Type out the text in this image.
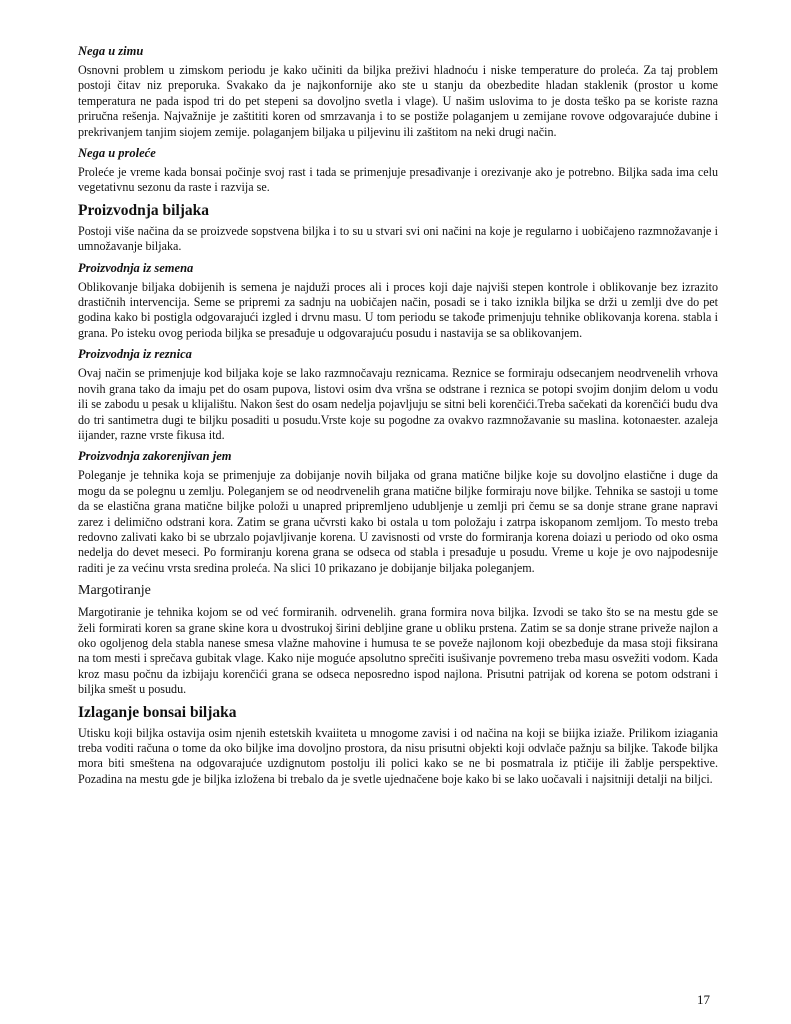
Nega u zimu

Osnovni problem u zimskom periodu je kako učiniti da biljka preživi hladnoću i niske temperature do proleća. Za taj problem postoji čitav niz preporuka. Svakako da je najkonfornije ako ste u stanju da obezbedite hladan staklenik (prostor u kome temperatura ne pada ispod tri do pet stepeni sa dovoljno svetla i vlage). U našim uslovima to je dosta teško pa se koriste razna priručna rešenja. Najvažnije je zaštititi koren od smrzavanja i to se postiže polaganjem u zemijane rovove odgovarajuće dubine i prekrivanjem tanjim siojem zemije. polaganjem biljaka u piljevinu ili zaštitom na neki drugi način.

Nega u proleće

Proleće je vreme kada bonsai počinje svoj rast i tada se primenjuje presađivanje i orezivanje ako je potrebno. Biljka sada ima celu vegetativnu sezonu da raste i razvija se.

Proizvodnja biljaka

Postoji više načina da se proizvede sopstvena biljka i to su u stvari svi oni načini na koje je regularno i uobičajeno razmnožavanje i umnožavanje biljaka.

Proizvodnja iz semena

Oblikovanje biljaka dobijenih is semena je najduži proces ali i proces koji daje najviši stepen kontrole i oblikovanje bez izrazito drastičnih intervencija. Seme se pripremi za sadnju na uobičajen način, posadi se i tako iznikla biljka se drži u zemlji dve do pet godina kako bi postigla odgovarajući izgled i drvnu masu. U tom periodu se takođe primenjuju tehnike oblikovanja korena. stabla i grana. Po isteku ovog perioda biljka se presađuje u odgovarajuću posudu i nastavija se sa oblikovanjem.

Proizvodnja iz reznica

Ovaj način se primenjuje kod biljaka koje se lako razmnočavaju reznicama. Reznice se formiraju odsecanjem neodrvenelih vrhova novih grana tako da imaju pet do osam pupova, listovi osim dva vršna se odstrane i reznica se potopi svojim donjim delom u vodu ili se zabodu u pesak u klijalištu. Nakon šest do osam nedelja pojavljuju se sitni beli korenčići.Treba sačekati da korenčići budu dva do tri santimetra dugi te biljku posaditi u posudu.Vrste koje su pogodne za ovakvo razmnožavanie su maslina. kotonaester. azaleja iijander, razne vrste fikusa itd.

Proizvodnja zakorenjivan jem

Poleganje je tehnika koja se primenjuje za dobijanje novih biljaka od grana matične biljke koje su dovoljno elastične i duge da mogu da se polegnu u zemlju. Poleganjem se od neodrvenelih grana matične biljke formiraju nove biljke. Tehnika se sastoji u tome da se elastična grana matične biljke položi u unapred pripremljeno udubljenje u zemlji pri čemu se sa donje strane grane napravi zarez i delimično odstrani kora. Zatim se grana učvrsti kako bi ostala u tom položaju i zatrpa iskopanom zemljom. To mesto treba redovno zalivati kako bi se ubrzalo pojavljivanje korena. U zavisnosti od vrste do formiranja korena doiazi u periodo od oko osma nedelja do devet meseci. Po formiranju korena grana se odseca od stabla i presađuje u posudu. Vreme u koje je ovo najpodesnije raditi je za većinu vrsta sredina proleća. Na slici 10 prikazano je dobijanje biljaka poleganjem.

Margotiranje

Margotiranie je tehnika kojom se od već formiranih. odrvenelih. grana formira nova biljka. Izvodi se tako što se na mestu gde se želi formirati koren sa grane skine kora u dvostrukoj širini debljine grane u obliku prstena. Zatim se sa donje strane priveže najlon a oko ogoljenog dela stabla nanese smesa vlažne mahovine i humusa te se poveže najlonom koji obezbeđuje da masa stoji fiksirana na tom mesti i sprečava gubitak vlage. Kako nije moguće apsolutno sprečiti isušivanje povremeno treba masu osvežiti vodom. Kada kroz masu počnu da izbijaju korenčići grana se odseca neposredno ispod najlona. Prisutni patrijak od korena se potom odstrani i biljka smešt u posudu.

Izlaganje bonsai biljaka

Utisku koji biljka ostavija osim njenih estetskih kvaiiteta u mnogome zavisi i od načina na koji se biijka iziaže. Prilikom iziagania treba voditi računa o tome da oko biljke ima dovoljno prostora, da nisu prisutni objekti koji odvlače pažnju sa biljke. Takođe biljka mora biti smeštena na odgovarajuće uzdignutom postolju ili polici kako se ne bi posmatrala iz ptičije ili žablje perspektive. Pozadina na mestu gde je biljka izložena bi trebalo da je svetle ujednačene boje kako bi se lako uočavali i najsitniji detalji na biljci.

17
